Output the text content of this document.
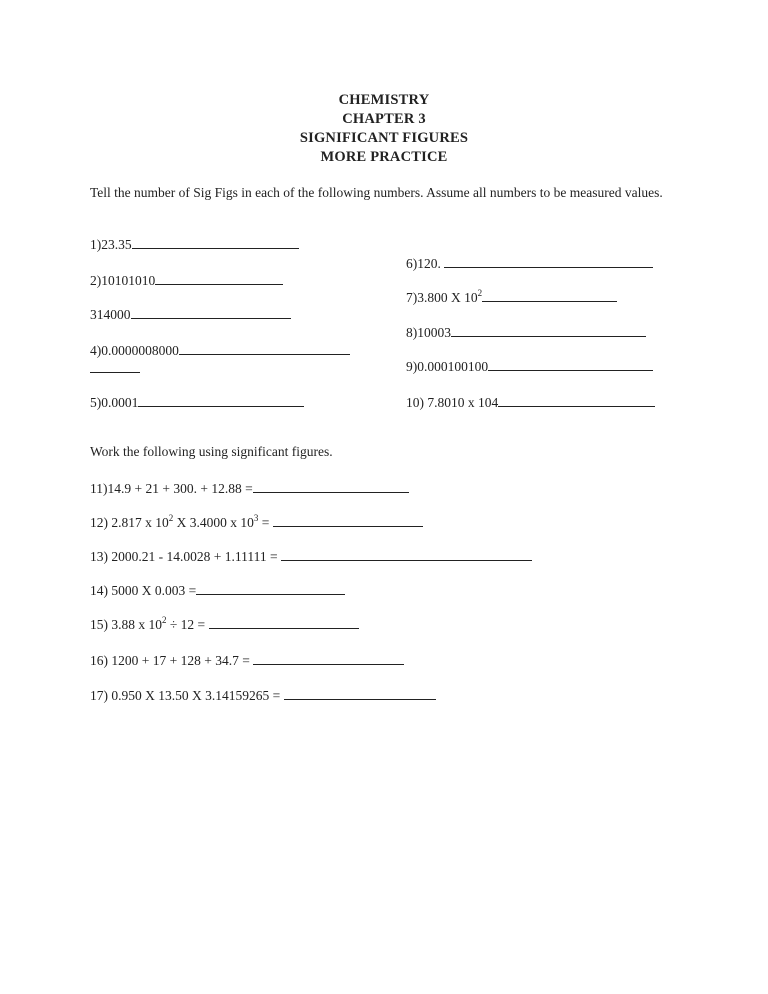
CHEMISTRY
CHAPTER 3
SIGNIFICANT FIGURES
MORE PRACTICE
Tell the number of Sig Figs in each of the following numbers. Assume all numbers to be measured values.
1)23.35
2)10101010
314000
4)0.0000008000
5)0.0001
6)120.
7)3.800 X $10^2$
8)10003
9)0.000100100
10) 7.8010 x 104
Work the following using significant figures.
11)14.9 + 21 + 300. + 12.88 =
12) 2.817 x $10^2$ X 3.4000 x $10^3$ =
13) 2000.21 - 14.0028 + 1.11111 =
14) 5000 X 0.003 =
15) 3.88 x $10^2 \div 12$ =
16) 1200 + 17 + 128 + 34.7 =
17) 0.950 X 13.50 X 3.14159265 =
